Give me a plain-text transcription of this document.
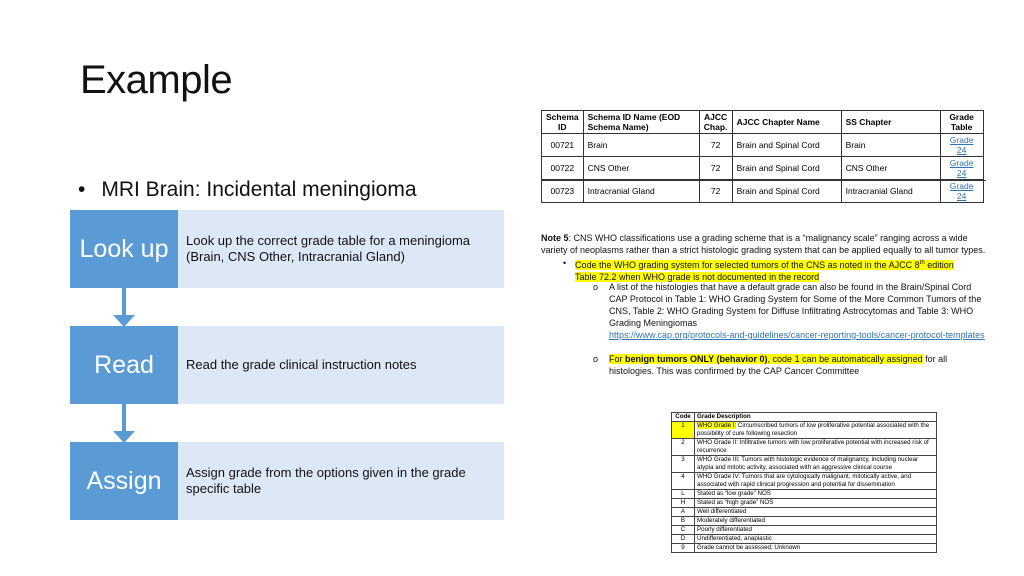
Example
• MRI Brain: Incidental meningioma
Look up	Look up the correct grade table for a meningioma (Brain, CNS Other, Intracranial Gland)
Read	Read the grade clinical instruction notes
Assign	Assign grade from the options given in the grade specific table
Schema ID	Schema ID Name (EOD Schema Name)	AJCC Chap.	AJCC Chapter Name	SS Chapter	Grade Table
00721	Brain	72	Brain and Spinal Cord	Brain	Grade 24
00722	CNS Other	72	Brain and Spinal Cord	CNS Other	Grade 24
00723	Intracranial Gland	72	Brain and Spinal Cord	Intracranial Gland	Grade 24
Note 5: CNS WHO classifications use a grading scheme that is a “malignancy scale” ranging across a wide variety of neoplasms rather than a strict histologic grading system that can be applied equally to all tumor types.
• Code the WHO grading system for selected tumors of the CNS as noted in the AJCC 8th edition
Table 72.2 when WHO grade is not documented in the record
o A list of the histologies that have a default grade can also be found in the Brain/Spinal Cord CAP Protocol in Table 1: WHO Grading System for Some of the More Common Tumors of the CNS, Table 2: WHO Grading System for Diffuse Infiltrating Astrocytomas and Table 3: WHO Grading Meningiomas
https://www.cap.org/protocols-and-guidelines/cancer-reporting-tools/cancer-protocol-templates
o For benign tumors ONLY (behavior 0), code 1 can be automatically assigned for all histologies. This was confirmed by the CAP Cancer Committee
Code	Grade Description
1	WHO Grade I: Circumscribed tumors of low proliferative potential associated with the possibility of cure following resection
2	WHO Grade II: Infiltrative tumors with low proliferative potential with increased risk of recurrence
3	WHO Grade III: Tumors with histologic evidence of malignancy, including nuclear atypia and mitotic activity, associated with an aggressive clinical course
4	WHO Grade IV: Tumors that are cytologically malignant, mitotically active, and associated with rapid clinical progression and potential for dissemination
L	Stated as “low grade” NOS
H	Stated as “high grade” NOS
A	Well differentiated
B	Moderately differentiated
C	Poorly differentiated
D	Undifferentiated, anaplastic
9	Grade cannot be assessed; Unknown
